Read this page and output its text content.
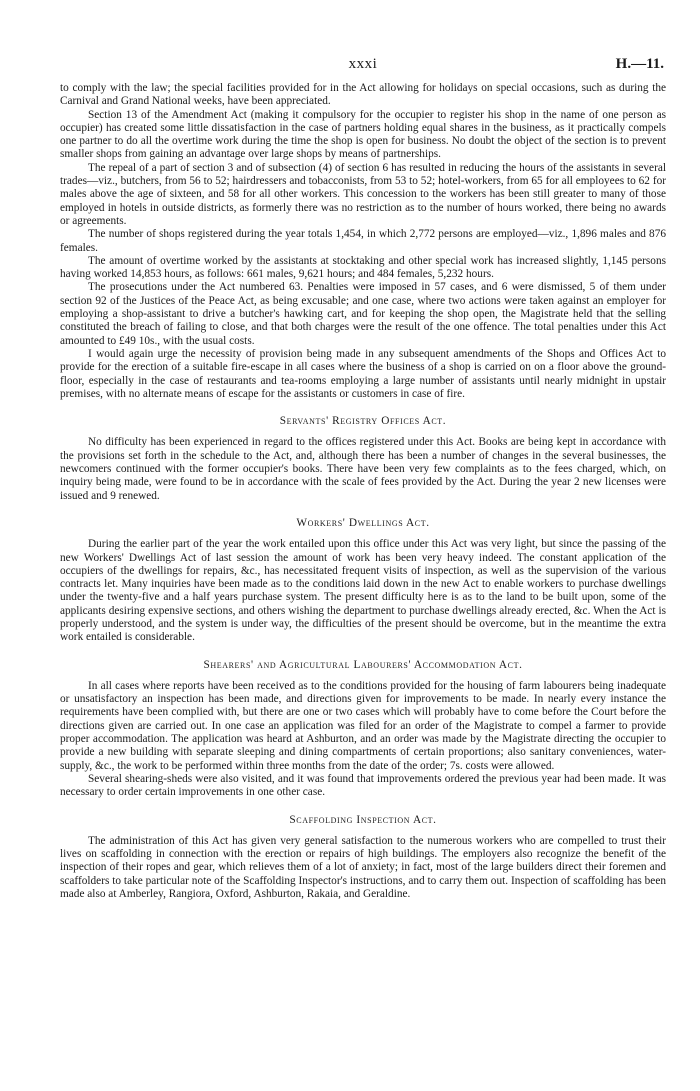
xxxi	H.—11.

to comply with the law; the special facilities provided for in the Act allowing for holidays on special occasions, such as during the Carnival and Grand National weeks, have been appreciated.

Section 13 of the Amendment Act (making it compulsory for the occupier to register his shop in the name of one person as occupier) has created some little dissatisfaction in the case of partners holding equal shares in the business, as it practically compels one partner to do all the overtime work during the time the shop is open for business. No doubt the object of the section is to prevent smaller shops from gaining an advantage over large shops by means of partnerships.

The repeal of a part of section 3 and of subsection (4) of section 6 has resulted in reducing the hours of the assistants in several trades—viz., butchers, from 56 to 52; hairdressers and tobacconists, from 53 to 52; hotel-workers, from 65 for all employees to 62 for males above the age of sixteen, and 58 for all other workers. This concession to the workers has been still greater to many of those employed in hotels in outside districts, as formerly there was no restriction as to the number of hours worked, there being no awards or agreements.

The number of shops registered during the year totals 1,454, in which 2,772 persons are employed—viz., 1,896 males and 876 females.

The amount of overtime worked by the assistants at stocktaking and other special work has increased slightly, 1,145 persons having worked 14,853 hours, as follows: 661 males, 9,621 hours; and 484 females, 5,232 hours.

The prosecutions under the Act numbered 63. Penalties were imposed in 57 cases, and 6 were dismissed, 5 of them under section 92 of the Justices of the Peace Act, as being excusable; and one case, where two actions were taken against an employer for employing a shop-assistant to drive a butcher's hawking cart, and for keeping the shop open, the Magistrate held that the selling constituted the breach of failing to close, and that both charges were the result of the one offence. The total penalties under this Act amounted to £49 10s., with the usual costs.

I would again urge the necessity of provision being made in any subsequent amendments of the Shops and Offices Act to provide for the erection of a suitable fire-escape in all cases where the business of a shop is carried on on a floor above the ground-floor, especially in the case of restaurants and tea-rooms employing a large number of assistants until nearly midnight in upstair premises, with no alternate means of escape for the assistants or customers in case of fire.

Servants' Registry Offices Act.

No difficulty has been experienced in regard to the offices registered under this Act. Books are being kept in accordance with the provisions set forth in the schedule to the Act, and, although there has been a number of changes in the several businesses, the newcomers continued with the former occupier's books. There have been very few complaints as to the fees charged, which, on inquiry being made, were found to be in accordance with the scale of fees provided by the Act. During the year 2 new licenses were issued and 9 renewed.

Workers' Dwellings Act.

During the earlier part of the year the work entailed upon this office under this Act was very light, but since the passing of the new Workers' Dwellings Act of last session the amount of work has been very heavy indeed. The constant application of the occupiers of the dwellings for repairs, &c., has necessitated frequent visits of inspection, as well as the supervision of the various contracts let. Many inquiries have been made as to the conditions laid down in the new Act to enable workers to purchase dwellings under the twenty-five and a half years purchase system. The present difficulty here is as to the land to be built upon, some of the applicants desiring expensive sections, and others wishing the department to purchase dwellings already erected, &c. When the Act is properly understood, and the system is under way, the difficulties of the present should be overcome, but in the meantime the extra work entailed is considerable.

Shearers' and Agricultural Labourers' Accommodation Act.

In all cases where reports have been received as to the conditions provided for the housing of farm labourers being inadequate or unsatisfactory an inspection has been made, and directions given for improvements to be made. In nearly every instance the requirements have been complied with, but there are one or two cases which will probably have to come before the Court before the directions given are carried out. In one case an application was filed for an order of the Magistrate to compel a farmer to provide proper accommodation. The application was heard at Ashburton, and an order was made by the Magistrate directing the occupier to provide a new building with separate sleeping and dining compartments of certain proportions; also sanitary conveniences, water-supply, &c., the work to be performed within three months from the date of the order; 7s. costs were allowed.

Several shearing-sheds were also visited, and it was found that improvements ordered the previous year had been made. It was necessary to order certain improvements in one other case.

Scaffolding Inspection Act.

The administration of this Act has given very general satisfaction to the numerous workers who are compelled to trust their lives on scaffolding in connection with the erection or repairs of high buildings. The employers also recognize the benefit of the inspection of their ropes and gear, which relieves them of a lot of anxiety; in fact, most of the large builders direct their foremen and scaffolders to take particular note of the Scaffolding Inspector's instructions, and to carry them out. Inspection of scaffolding has been made also at Amberley, Rangiora, Oxford, Ashburton, Rakaia, and Geraldine.
